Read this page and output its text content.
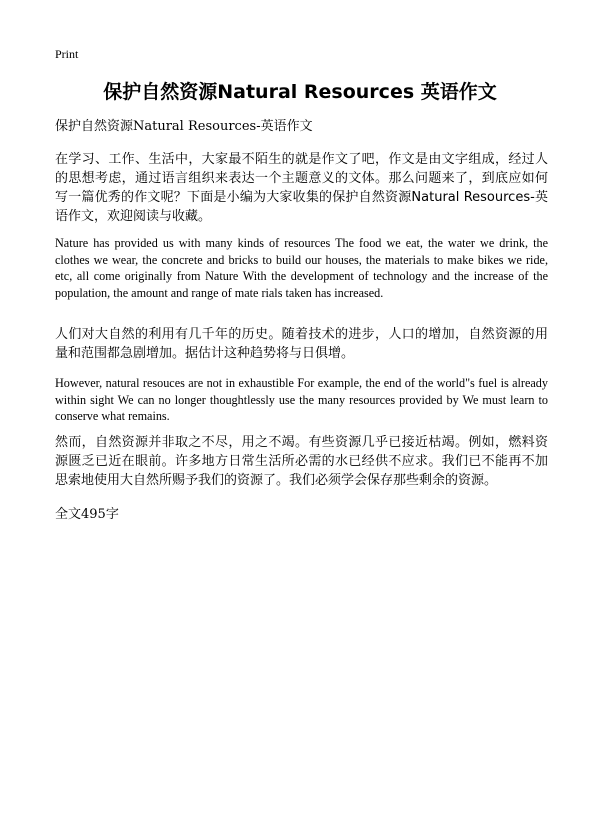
Print
保护自然资源Natural Resources 英语作文
保护自然资源Natural Resources-英语作文

在学习、工作、生活中，大家最不陌生的就是作文了吧，作文是由文字组成，经过人的思想考虑，通过语言组织来表达一个主题意义的文体。那么问题来了，到底应如何写一篇优秀的作文呢？下面是小编为大家收集的保护自然资源Natural Resources-英语作文，欢迎阅读与收藏。

Nature has provided us with many kinds of resources The food we eat, the water we drink, the clothes we wear, the concrete and bricks to build our houses, the materials to make bikes we ride, etc, all come originally from Nature With the development of technology and the increase of the population, the amount and range of mate rials taken has increased.

人们对大自然的利用有几千年的历史。随着技术的进步，人口的增加，自然资源的用量和范围都急剧增加。据估计这种趋势将与日俱增。

However, natural resouces are not in exhaustible For example, the end of the world"s fuel is already within sight We can no longer thoughtlessly use the many resources provided by We must learn to conserve what remains.

然而，自然资源并非取之不尽，用之不竭。有些资源几乎已接近枯竭。例如，燃料资源匮乏已近在眼前。许多地方日常生活所必需的水已经供不应求。我们已不能再不加思索地使用大自然所赐予我们的资源了。我们必须学会保存那些剩余的资源。

全文495字
